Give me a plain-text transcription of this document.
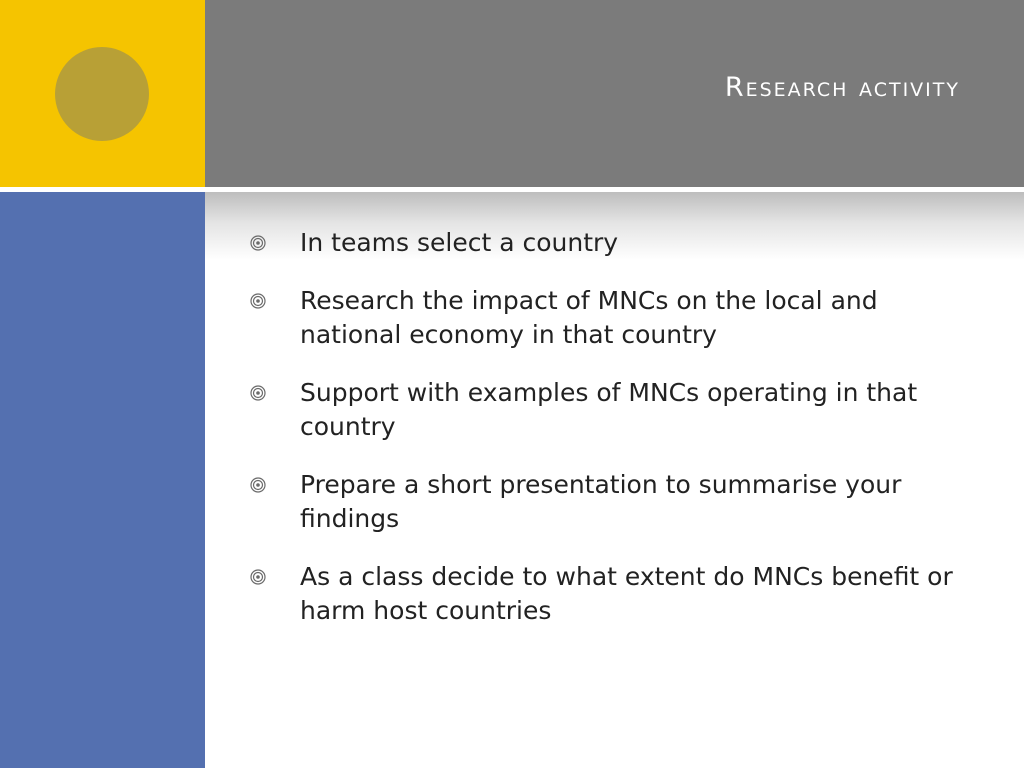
Research activity
In teams select a country
Research the impact of MNCs on the local and national economy in that country
Support with examples of MNCs operating in that country
Prepare a short presentation to summarise your findings
As a class decide to what extent do MNCs benefit or harm host countries
